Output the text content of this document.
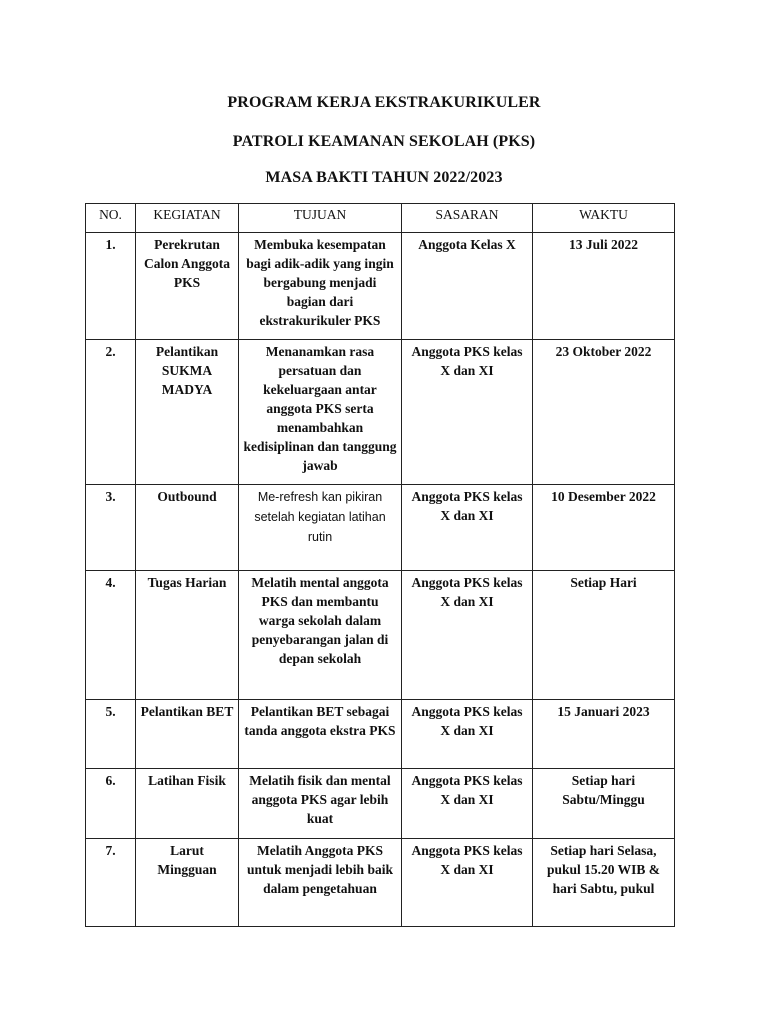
PROGRAM KERJA EKSTRAKURIKULER
PATROLI KEAMANAN SEKOLAH (PKS)
MASA BAKTI TAHUN 2022/2023
NO.	KEGIATAN	TUJUAN	SASARAN	WAKTU
1.	Perekrutan Calon Anggota PKS	Membuka kesempatan bagi adik-adik yang ingin bergabung menjadi bagian dari ekstrakurikuler PKS	Anggota Kelas X	13 Juli 2022
2.	Pelantikan SUKMA MADYA	Menanamkan rasa persatuan dan kekeluargaan antar anggota PKS serta menambahkan kedisiplinan dan tanggung jawab	Anggota PKS kelas X dan XI	23 Oktober 2022
3.	Outbound	Me-refresh kan pikiran setelah kegiatan latihan rutin	Anggota PKS kelas X dan XI	10 Desember 2022
4.	Tugas Harian	Melatih mental anggota PKS dan membantu warga sekolah dalam penyebarangan jalan di depan sekolah	Anggota PKS kelas X dan XI	Setiap Hari
5.	Pelantikan BET	Pelantikan BET sebagai tanda anggota ekstra PKS	Anggota PKS kelas X dan XI	15 Januari 2023
6.	Latihan Fisik	Melatih fisik dan mental anggota PKS agar lebih kuat	Anggota PKS kelas X dan XI	Setiap hari Sabtu/Minggu
7.	Larut Mingguan	Melatih Anggota PKS untuk menjadi lebih baik dalam pengetahuan	Anggota PKS kelas X dan XI	Setiap hari Selasa, pukul 15.20 WIB & hari Sabtu, pukul
